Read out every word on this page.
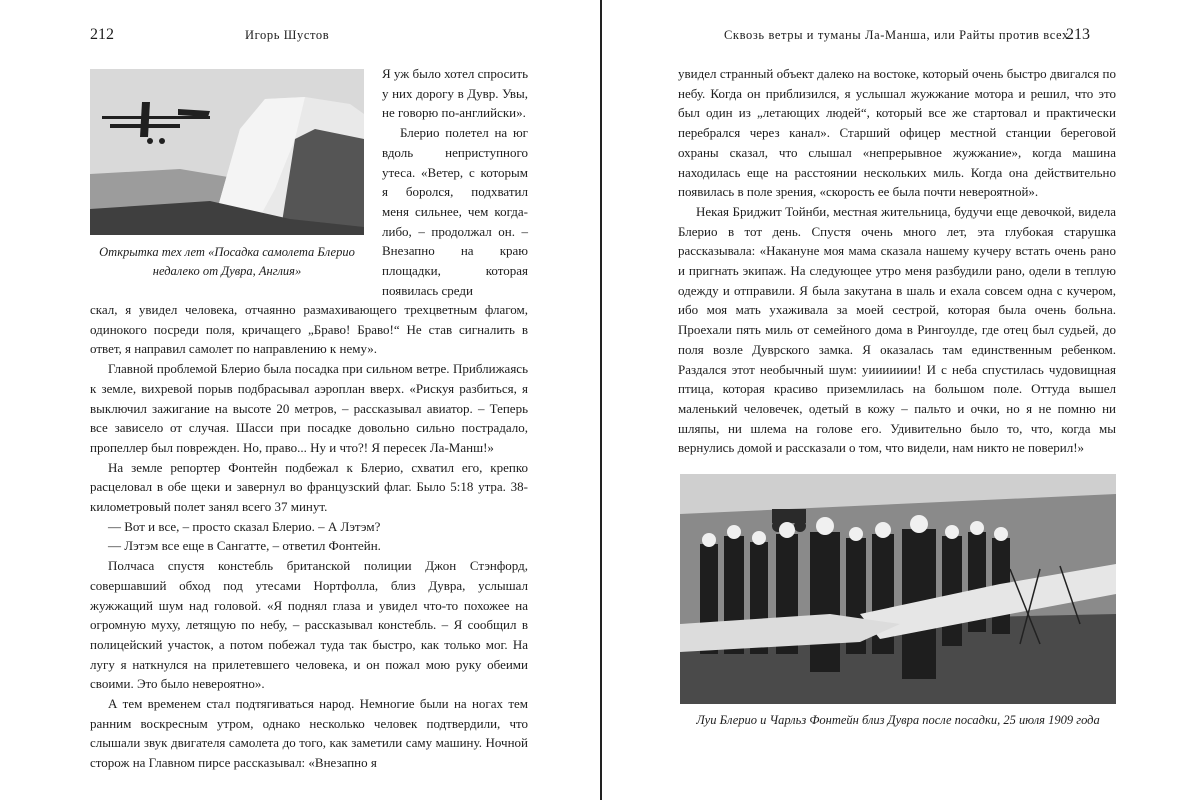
212	Игорь Шустов

Открытка тех лет «Посадка самолета Блерио недалеко от Дувра, Англия»

Я уж было хотел спросить у них дорогу в Дувр. Увы, не говорю по-английски».

Блерио полетел на юг вдоль неприступного утеса. «Ветер, с которым я боролся, подхватил меня сильнее, чем когда-либо, – продолжал он. – Внезапно на краю площадки, которая появилась среди

скал, я увидел человека, отчаянно размахивающего трехцветным флагом, одинокого посреди поля, кричащего „Браво! Браво!“ Не став сигналить в ответ, я направил самолет по направлению к нему».

Главной проблемой Блерио была посадка при сильном ветре. Приближаясь к земле, вихревой порыв подбрасывал аэроплан вверх. «Рискуя разбиться, я выключил зажигание на высоте 20 метров, – рассказывал авиатор. – Теперь все зависело от случая. Шасси при посадке довольно сильно пострадало, пропеллер был поврежден. Но, право... Ну и что?! Я пересек Ла-Манш!»

На земле репортер Фонтейн подбежал к Блерио, схватил его, крепко расцеловал в обе щеки и завернул во французский флаг. Было 5:18 утра. 38-километровый полет занял всего 37 минут.

— Вот и все, – просто сказал Блерио. – А Лэтэм?

— Лэтэм все еще в Сангатте, – ответил Фонтейн.

Полчаса спустя констебль британской полиции Джон Стэнфорд, совершавший обход под утесами Нортфолла, близ Дувра, услышал жужжащий шум над головой. «Я поднял глаза и увидел что-то похожее на огромную муху, летящую по небу, – рассказывал констебль. – Я сообщил в полицейский участок, а потом побежал туда так быстро, как только мог. На лугу я наткнулся на прилетевшего человека, и он пожал мою руку обеими своими. Это было невероятно».

А тем временем стал подтягиваться народ. Немногие были на ногах тем ранним воскресным утром, однако несколько человек подтвердили, что слышали звук двигателя самолета до того, как заметили саму машину. Ночной сторож на Главном пирсе рассказывал: «Внезапно я

Сквозь ветры и туманы Ла-Манша, или Райты против всех
213

увидел странный объект далеко на востоке, который очень быстро двигался по небу. Когда он приблизился, я услышал жужжание мотора и решил, что это был один из „летающих людей“, который все же стартовал и практически перебрался через канал». Старший офицер местной станции береговой охраны сказал, что слышал «непрерывное жужжание», когда машина находилась еще на расстоянии нескольких миль. Когда она действительно появилась в поле зрения, «скорость ее была почти невероятной».

Некая Бриджит Тойнби, местная жительница, будучи еще девочкой, видела Блерио в тот день. Спустя очень много лет, эта глубокая старушка рассказывала: «Накануне моя мама сказала нашему кучеру встать очень рано и пригнать экипаж. На следующее утро меня разбудили рано, одели в теплую одежду и отправили. Я была закутана в шаль и ехала совсем одна с кучером, ибо моя мать ухаживала за моей сестрой, которая была очень больна. Проехали пять миль от семейного дома в Рингоулде, где отец был судьей, до поля возле Дуврского замка. Я оказалась там единственным ребенком. Раздался этот необычный шум: уиииииии! И с неба спустилась чудовищная птица, которая красиво приземлилась на большом поле. Оттуда вышел маленький человечек, одетый в кожу – пальто и очки, но я не помню ни шляпы, ни шлема на голове его. Удивительно было то, что, когда мы вернулись домой и рассказали о том, что видели, нам никто не поверил!»

Луи Блерио и Чарльз Фонтейн близ Дувра после посадки, 25 июля 1909 года
